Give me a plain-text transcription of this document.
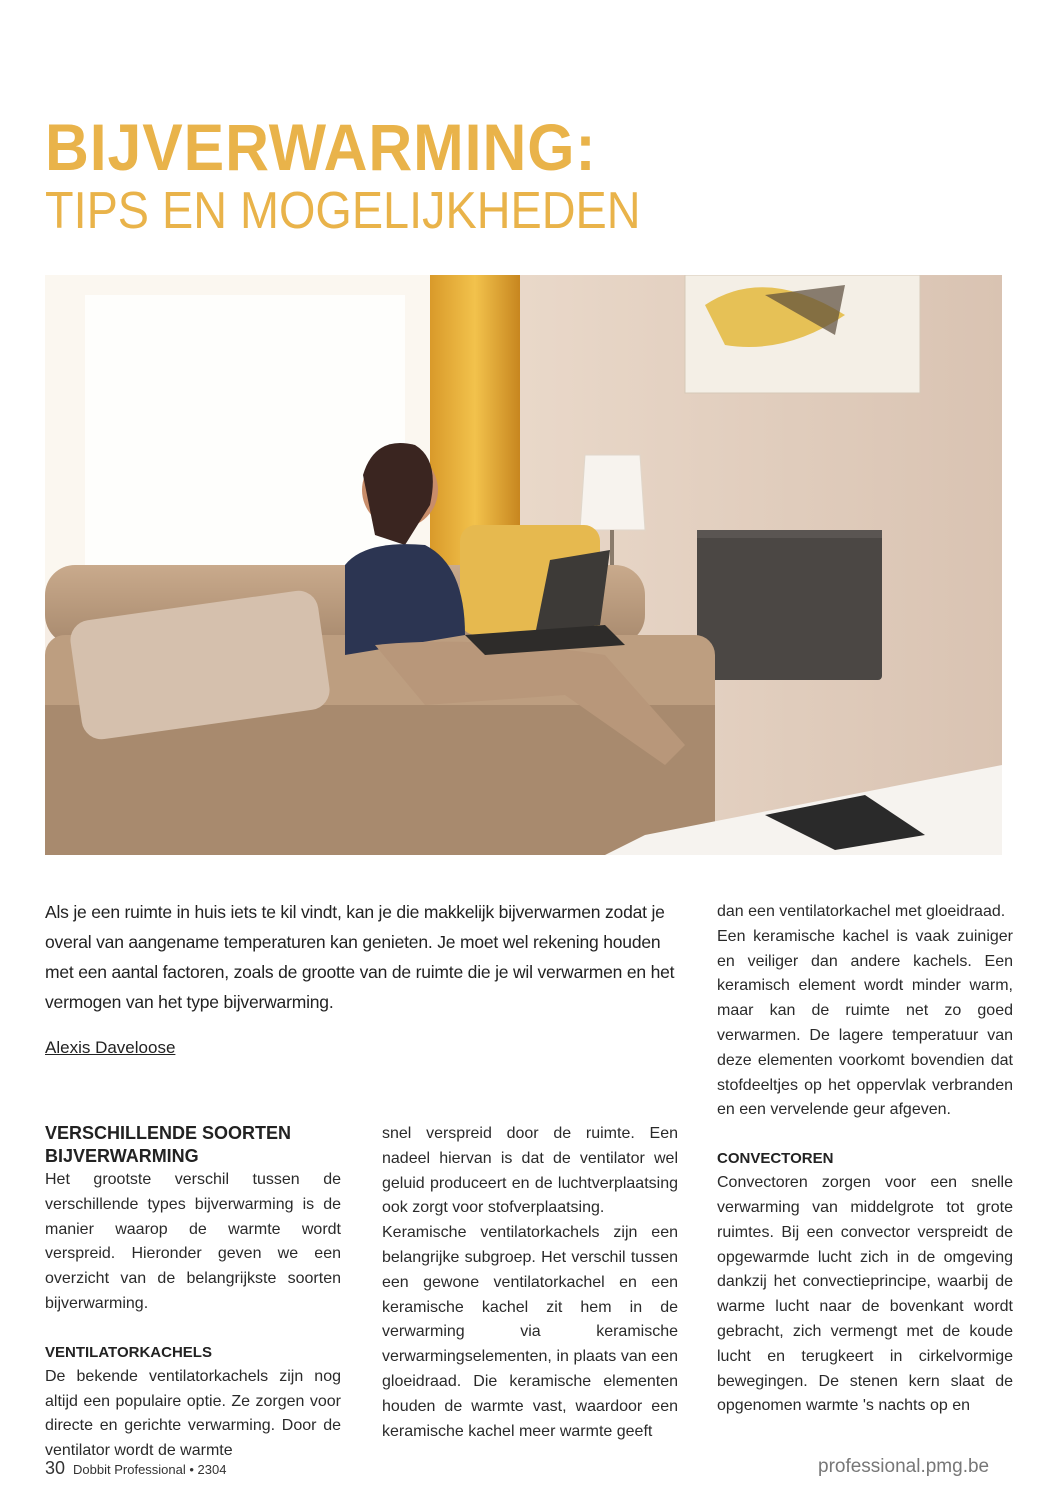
BIJVERWARMING:
TIPS EN MOGELIJKHEDEN

Als je een ruimte in huis iets te kil vindt, kan je die makkelijk bijverwarmen zodat je overal van aangename temperaturen kan genieten. Je moet wel rekening houden met een aantal factoren, zoals de grootte van de ruimte die je wil verwarmen en het vermogen van het type bijverwarming.

Alexis Daveloose

VERSCHILLENDE SOORTEN BIJVERWARMING

Het grootste verschil tussen de verschillende types bijverwarming is de manier waarop de warmte wordt verspreid. Hieronder geven we een overzicht van de belangrijkste soorten bijverwarming.

VENTILATORKACHELS

De bekende ventilatorkachels zijn nog altijd een populaire optie. Ze zorgen voor directe en gerichte verwarming. Door de ventilator wordt de warmte

snel verspreid door de ruimte. Een nadeel hiervan is dat de ventilator wel geluid produceert en de luchtverplaatsing ook zorgt voor stofverplaatsing.

Keramische ventilatorkachels zijn een belangrijke subgroep. Het verschil tussen een gewone ventilatorkachel en een keramische kachel zit hem in de verwarming via keramische verwarmingselementen, in plaats van een gloeidraad. Die keramische elementen houden de warmte vast, waardoor een keramische kachel meer warmte geeft

dan een ventilatorkachel met gloeidraad.

Een keramische kachel is vaak zuiniger en veiliger dan andere kachels. Een keramisch element wordt minder warm, maar kan de ruimte net zo goed verwarmen. De lagere temperatuur van deze elementen voorkomt bovendien dat stofdeeltjes op het oppervlak verbranden en een vervelende geur afgeven.

CONVECTOREN

Convectoren zorgen voor een snelle verwarming van middelgrote tot grote ruimtes. Bij een convector verspreidt de opgewarmde lucht zich in de omgeving dankzij het convectieprincipe, waarbij de warme lucht naar de bovenkant wordt gebracht, zich vermengt met de koude lucht en terugkeert in cirkelvormige bewegingen. De stenen kern slaat de opgenomen warmte 's nachts op en

30 Dobbit Professional • 2304	professional.pmg.be
